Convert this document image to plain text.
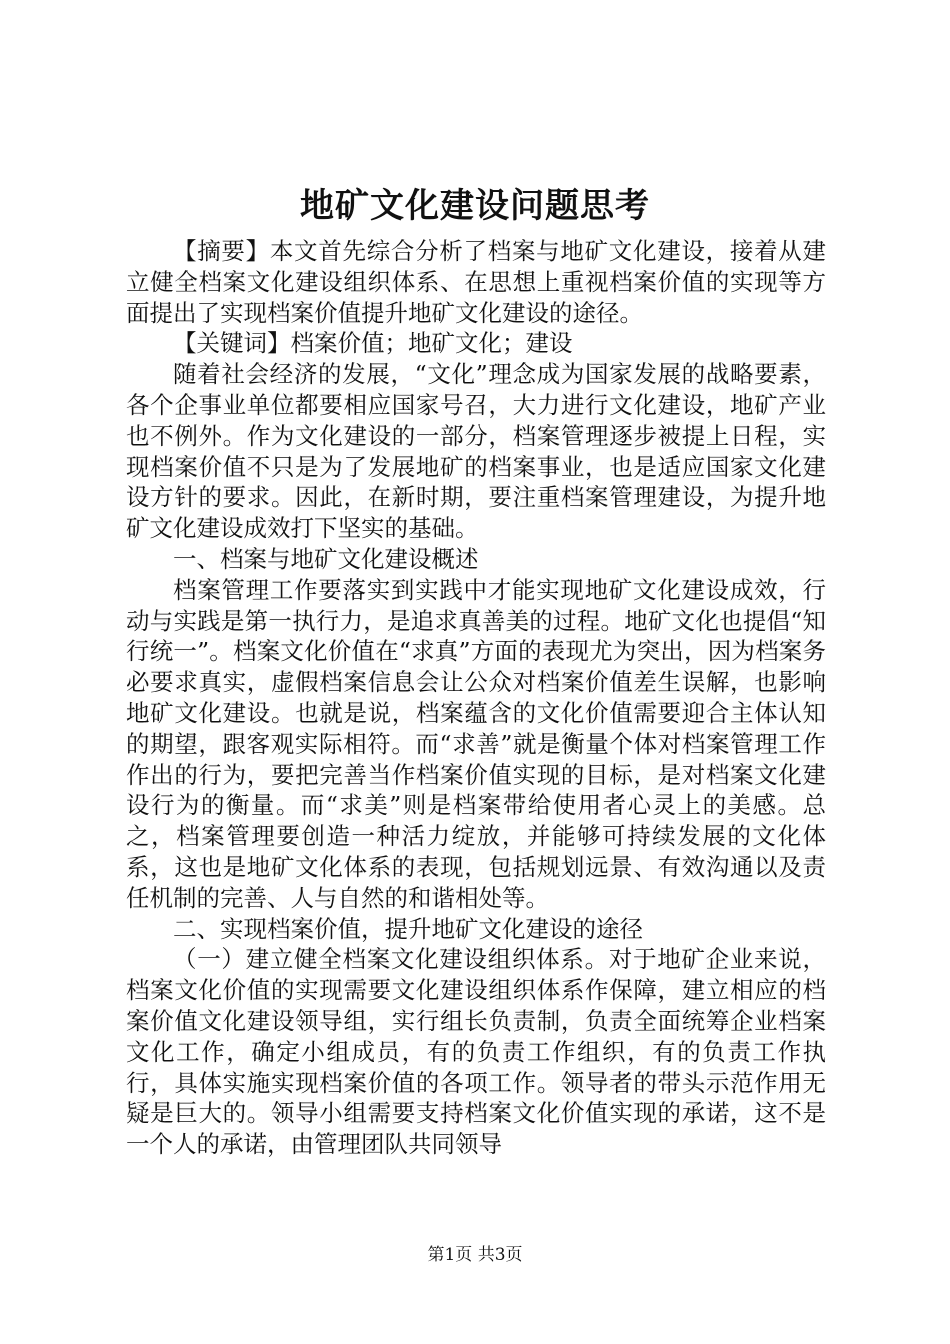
地矿文化建设问题思考

【摘要】本文首先综合分析了档案与地矿文化建设，接着从建立健全档案文化建设组织体系、在思想上重视档案价值的实现等方面提出了实现档案价值提升地矿文化建设的途径。

【关键词】档案价值；地矿文化；建设

随着社会经济的发展，“文化”理念成为国家发展的战略要素，各个企事业单位都要相应国家号召，大力进行文化建设，地矿产业也不例外。作为文化建设的一部分，档案管理逐步被提上日程，实现档案价值不只是为了发展地矿的档案事业，也是适应国家文化建设方针的要求。因此，在新时期，要注重档案管理建设，为提升地矿文化建设成效打下坚实的基础。

一、档案与地矿文化建设概述

档案管理工作要落实到实践中才能实现地矿文化建设成效，行动与实践是第一执行力，是追求真善美的过程。地矿文化也提倡“知行统一”。档案文化价值在“求真”方面的表现尤为突出，因为档案务必要求真实，虚假档案信息会让公众对档案价值差生误解，也影响地矿文化建设。也就是说，档案蕴含的文化价值需要迎合主体认知的期望，跟客观实际相符。而“求善”就是衡量个体对档案管理工作作出的行为，要把完善当作档案价值实现的目标，是对档案文化建设行为的衡量。而“求美”则是档案带给使用者心灵上的美感。总之，档案管理要创造一种活力绽放，并能够可持续发展的文化体系，这也是地矿文化体系的表现，包括规划远景、有效沟通以及责任机制的完善、人与自然的和谐相处等。

二、实现档案价值，提升地矿文化建设的途径

（一）建立健全档案文化建设组织体系。对于地矿企业来说，档案文化价值的实现需要文化建设组织体系作保障，建立相应的档案价值文化建设领导组，实行组长负责制，负责全面统筹企业档案文化工作，确定小组成员，有的负责工作组织，有的负责工作执行，具体实施实现档案价值的各项工作。领导者的带头示范作用无疑是巨大的。领导小组需要支持档案文化价值实现的承诺，这不是一个人的承诺，由管理团队共同领导

第1页 共3页
